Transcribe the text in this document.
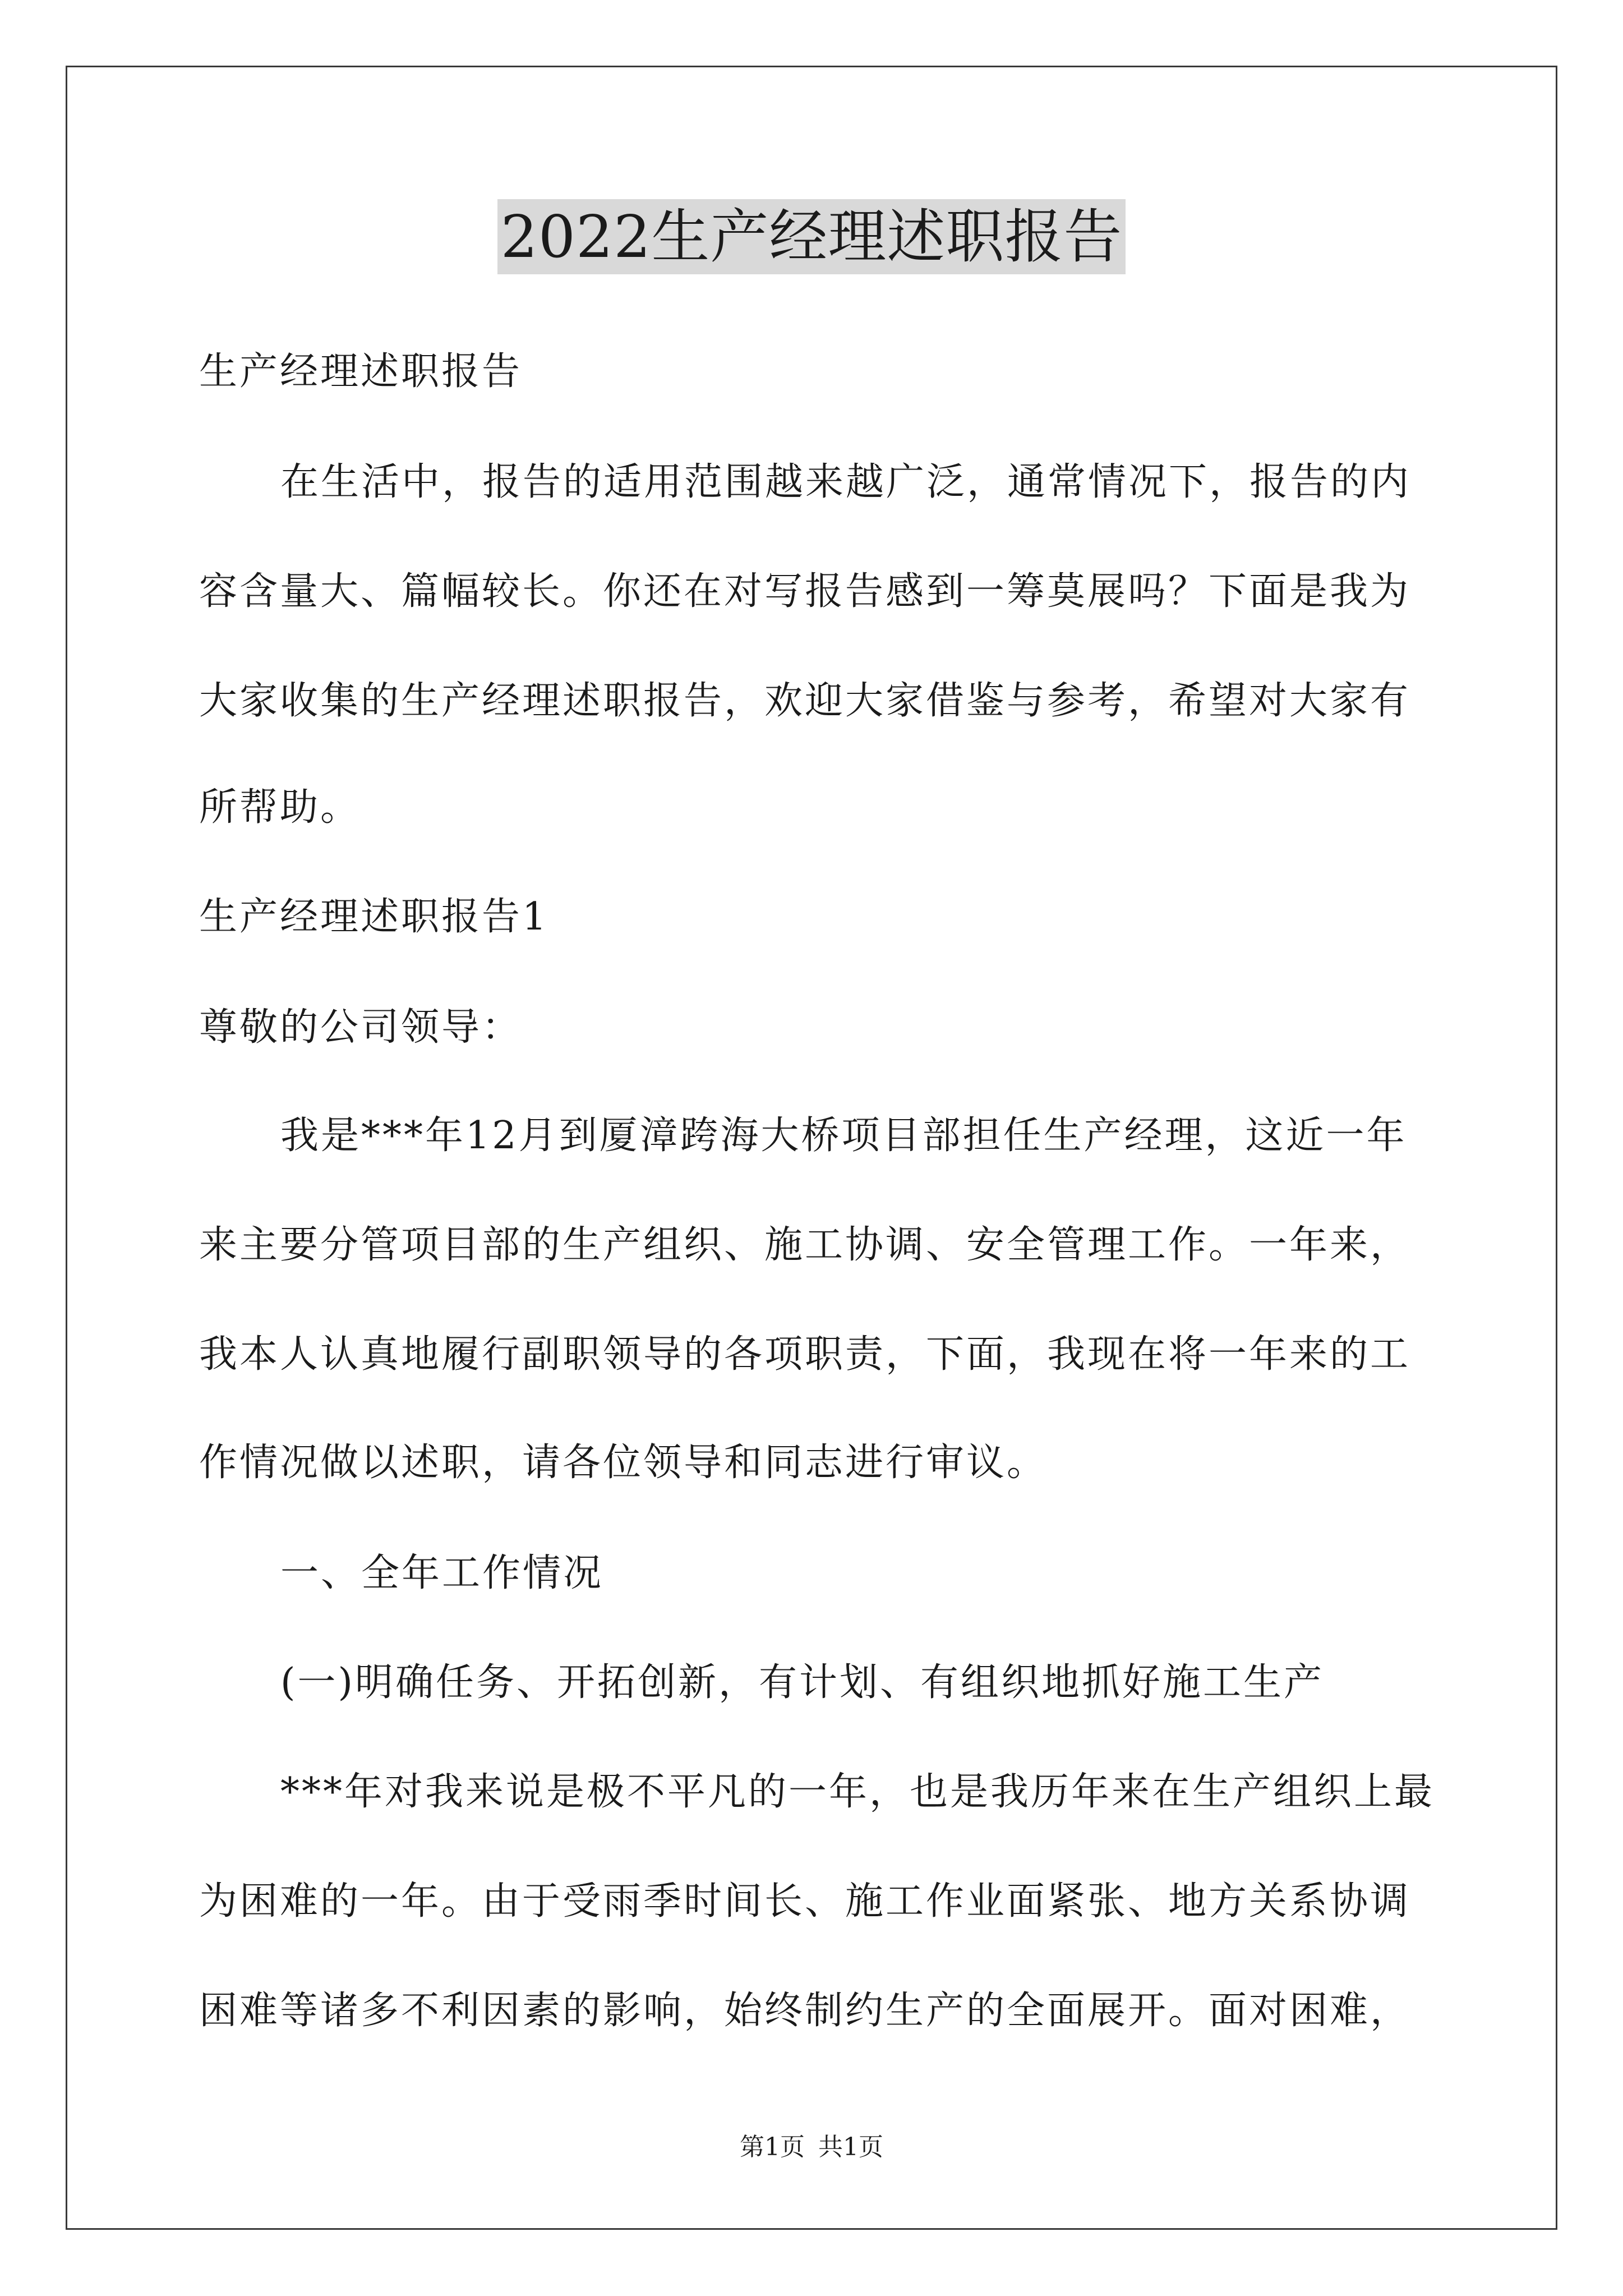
2022生产经理述职报告
生产经理述职报告
在生活中，报告的适用范围越来越广泛，通常情况下，报告的内
容含量大、篇幅较长。你还在对写报告感到一筹莫展吗？下面是我为
大家收集的生产经理述职报告，欢迎大家借鉴与参考，希望对大家有
所帮助。
生产经理述职报告1
尊敬的公司领导：
我是***年12月到厦漳跨海大桥项目部担任生产经理，这近一年
来主要分管项目部的生产组织、施工协调、安全管理工作。一年来，
我本人认真地履行副职领导的各项职责，下面，我现在将一年来的工
作情况做以述职，请各位领导和同志进行审议。
一、全年工作情况
(一)明确任务、开拓创新，有计划、有组织地抓好施工生产
***年对我来说是极不平凡的一年，也是我历年来在生产组织上最
为困难的一年。由于受雨季时间长、施工作业面紧张、地方关系协调
困难等诸多不利因素的影响，始终制约生产的全面展开。面对困难，
第1页 共1页
